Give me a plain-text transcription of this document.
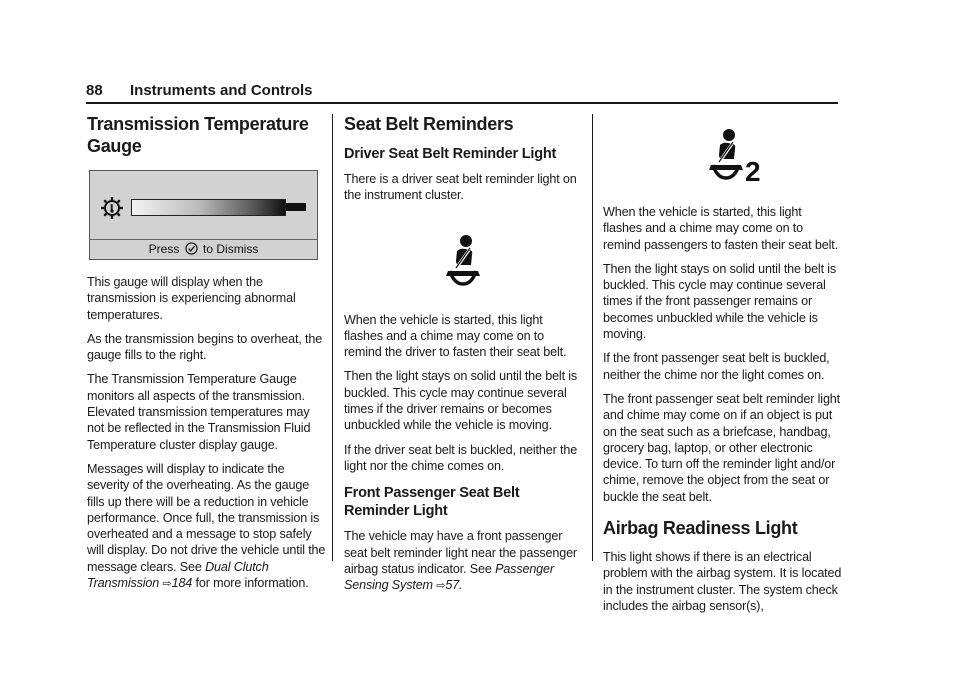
88 Instruments and Controls
Transmission Temperature Gauge
Press to Dismiss

This gauge will display when the transmission is experiencing abnormal temperatures.

As the transmission begins to overheat, the gauge fills to the right.

The Transmission Temperature Gauge monitors all aspects of the transmission. Elevated transmission temperatures may not be reflected in the Transmission Fluid Temperature cluster display gauge.

Messages will display to indicate the severity of the overheating. As the gauge fills up there will be a reduction in vehicle performance. Once full, the transmission is overheated and a message to stop safely will display. Do not drive the vehicle until the message clears. See Dual Clutch Transmission ⇨184 for more information.

Seat Belt Reminders
Driver Seat Belt Reminder Light

There is a driver seat belt reminder light on the instrument cluster.

When the vehicle is started, this light flashes and a chime may come on to remind the driver to fasten their seat belt.

Then the light stays on solid until the belt is buckled. This cycle may continue several times if the driver remains or becomes unbuckled while the vehicle is moving.

If the driver seat belt is buckled, neither the light nor the chime comes on.

Front Passenger Seat Belt Reminder Light

The vehicle may have a front passenger seat belt reminder light near the passenger airbag status indicator. See Passenger Sensing System ⇨57.

2

When the vehicle is started, this light flashes and a chime may come on to remind passengers to fasten their seat belt.

Then the light stays on solid until the belt is buckled. This cycle may continue several times if the front passenger remains or becomes unbuckled while the vehicle is moving.

If the front passenger seat belt is buckled, neither the chime nor the light comes on.

The front passenger seat belt reminder light and chime may come on if an object is put on the seat such as a briefcase, handbag, grocery bag, laptop, or other electronic device. To turn off the reminder light and/or chime, remove the object from the seat or buckle the seat belt.

Airbag Readiness Light

This light shows if there is an electrical problem with the airbag system. It is located in the instrument cluster. The system check includes the airbag sensor(s),
